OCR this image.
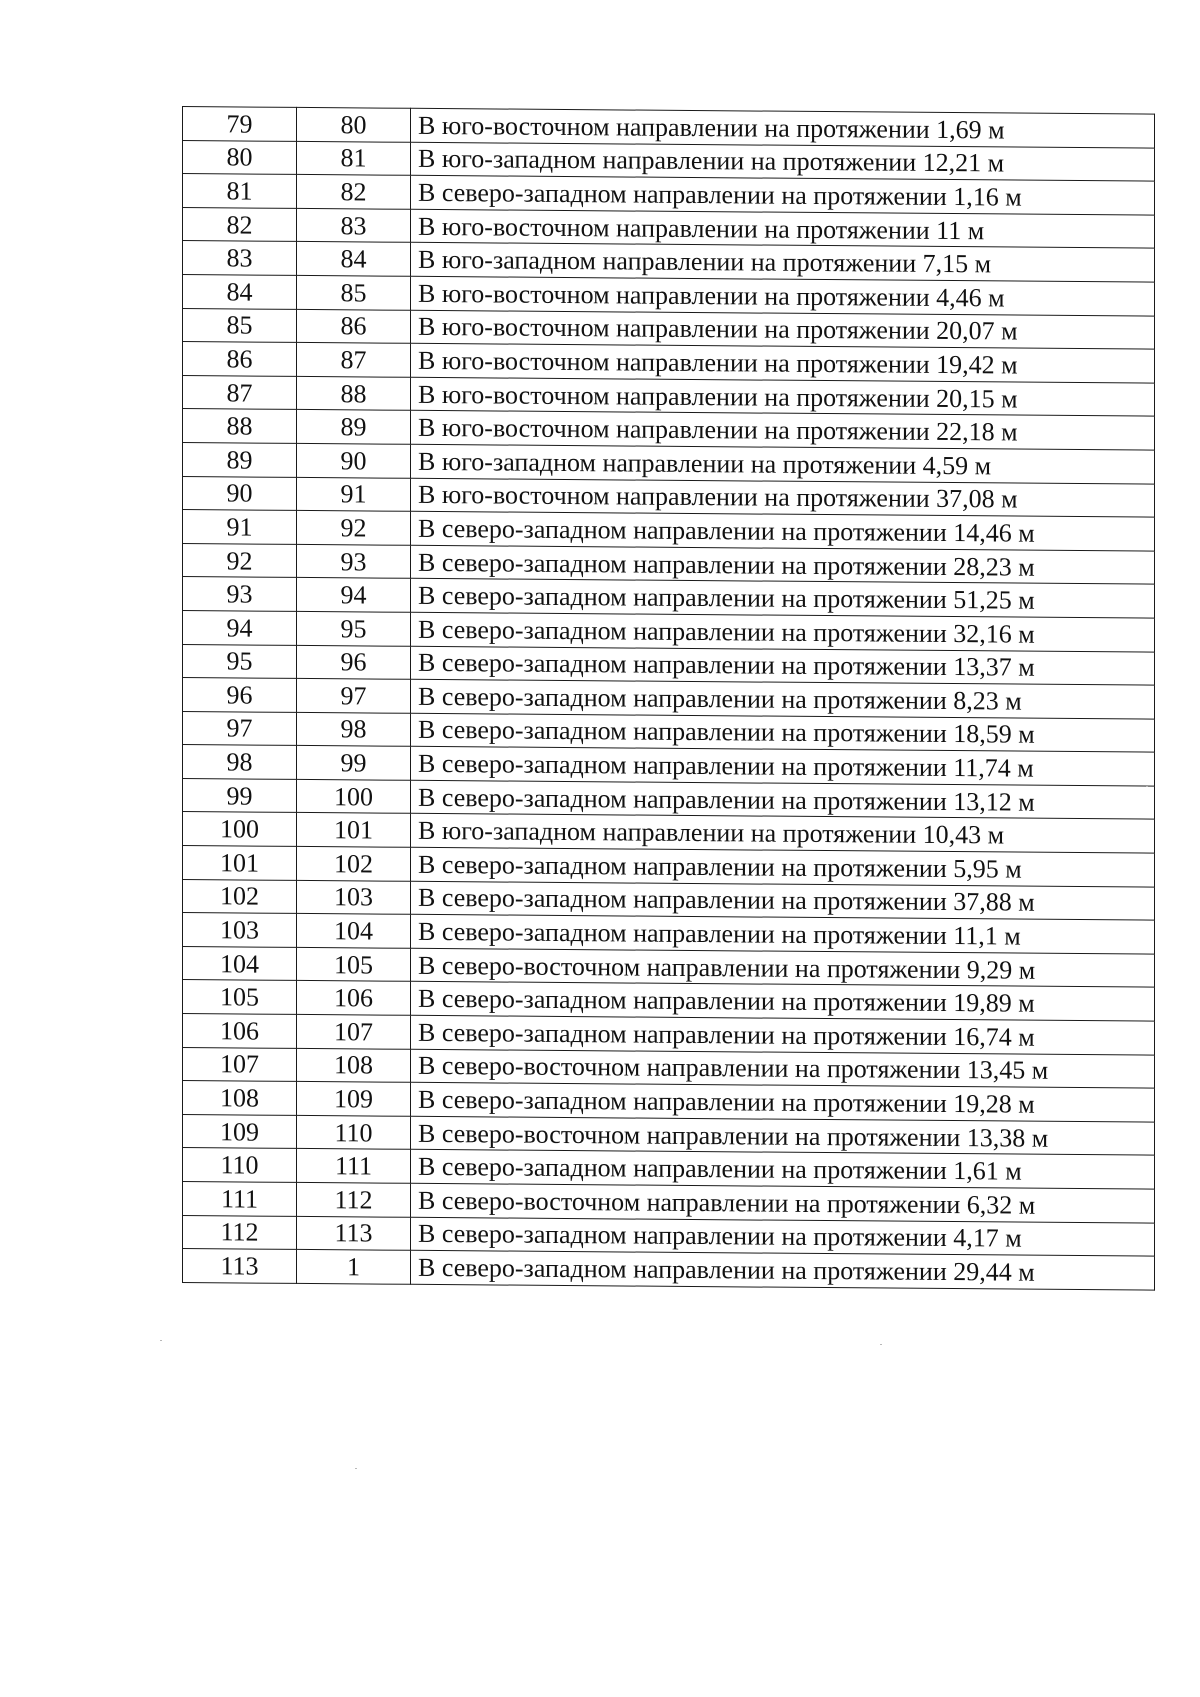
79	80	В юго-восточном направлении на протяжении 1,69 м
80	81	В юго-западном направлении на протяжении 12,21 м
81	82	В северо-западном направлении на протяжении 1,16 м
82	83	В юго-восточном направлении на протяжении 11 м
83	84	В юго-западном направлении на протяжении 7,15 м
84	85	В юго-восточном направлении на протяжении 4,46 м
85	86	В юго-восточном направлении на протяжении 20,07 м
86	87	В юго-восточном направлении на протяжении 19,42 м
87	88	В юго-восточном направлении на протяжении 20,15 м
88	89	В юго-восточном направлении на протяжении 22,18 м
89	90	В юго-западном направлении на протяжении 4,59 м
90	91	В юго-восточном направлении на протяжении 37,08 м
91	92	В северо-западном направлении на протяжении 14,46 м
92	93	В северо-западном направлении на протяжении 28,23 м
93	94	В северо-западном направлении на протяжении 51,25 м
94	95	В северо-западном направлении на протяжении 32,16 м
95	96	В северо-западном направлении на протяжении 13,37 м
96	97	В северо-западном направлении на протяжении 8,23 м
97	98	В северо-западном направлении на протяжении 18,59 м
98	99	В северо-западном направлении на протяжении 11,74 м
99	100	В северо-западном направлении на протяжении 13,12 м
100	101	В юго-западном направлении на протяжении 10,43 м
101	102	В северо-западном направлении на протяжении 5,95 м
102	103	В северо-западном направлении на протяжении 37,88 м
103	104	В северо-западном направлении на протяжении 11,1 м
104	105	В северо-восточном направлении на протяжении 9,29 м
105	106	В северо-западном направлении на протяжении 19,89 м
106	107	В северо-западном направлении на протяжении 16,74 м
107	108	В северо-восточном направлении на протяжении 13,45 м
108	109	В северо-западном направлении на протяжении 19,28 м
109	110	В северо-восточном направлении на протяжении 13,38 м
110	111	В северо-западном направлении на протяжении 1,61 м
111	112	В северо-восточном направлении на протяжении 6,32 м
112	113	В северо-западном направлении на протяжении 4,17 м
113	1	В северо-западном направлении на протяжении 29,44 м
